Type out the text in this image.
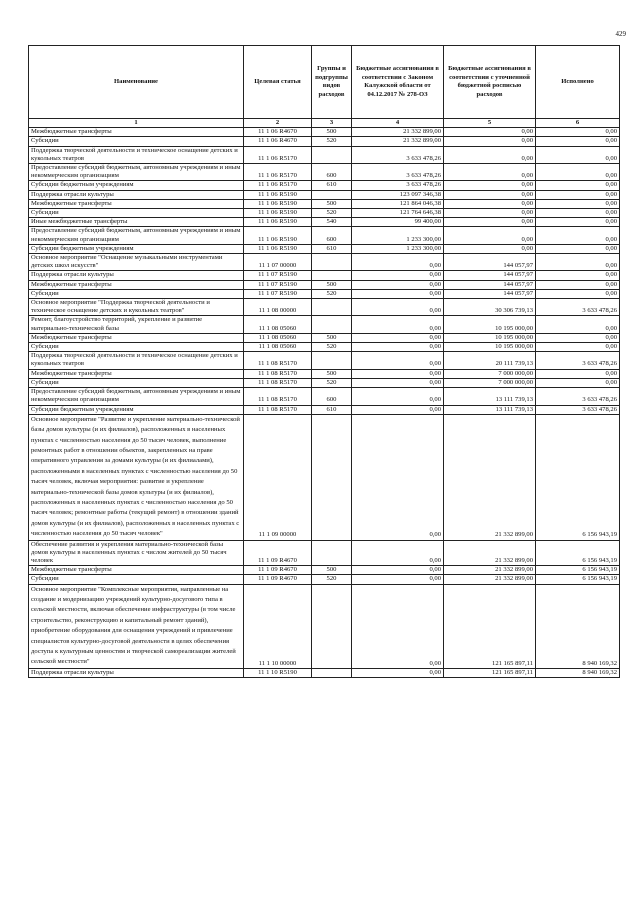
429
Наименование	Целевая статья	Группы и подгруппы видов расходов	Бюджетные ассигнования в соответствии с Законом Калужской области от 04.12.2017 № 278-ОЗ	Бюджетные ассигнования в соответствии с уточненной бюджетной росписью расходов	Исполнено
1	2	3	4	5	6
Межбюджетные трансферты	11 1 06 R4670	500	21 332 899,00	0,00	0,00
Субсидии	11 1 06 R4670	520	21 332 899,00	0,00	0,00
Поддержка творческой деятельности и техническое оснащение детских и кукольных театров	11 1 06 R5170		3 633 478,26	0,00	0,00
Предоставление субсидий бюджетным, автономным учреждениям и иным некоммерческим организациям	11 1 06 R5170	600	3 633 478,26	0,00	0,00
Субсидии бюджетным учреждениям	11 1 06 R5170	610	3 633 478,26	0,00	0,00
Поддержка отрасли культуры	11 1 06 R5190		123 097 346,38	0,00	0,00
Межбюджетные трансферты	11 1 06 R5190	500	121 864 046,38	0,00	0,00
Субсидии	11 1 06 R5190	520	121 764 646,38	0,00	0,00
Иные межбюджетные трансферты	11 1 06 R5190	540	99 400,00	0,00	0,00
Предоставление субсидий бюджетным, автономным учреждениям и иным некоммерческим организациям	11 1 06 R5190	600	1 233 300,00	0,00	0,00
Субсидии бюджетным учреждениям	11 1 06 R5190	610	1 233 300,00	0,00	0,00
Основное мероприятие "Оснащение музыкальными инструментами детских школ искусств"	11 1 07 00000		0,00	144 057,97	0,00
Поддержка отрасли культуры	11 1 07 R5190		0,00	144 057,97	0,00
Межбюджетные трансферты	11 1 07 R5190	500	0,00	144 057,97	0,00
Субсидии	11 1 07 R5190	520	0,00	144 057,97	0,00
Основное мероприятие "Поддержка творческой деятельности и техническое оснащение детских и кукольных театров"	11 1 08 00000		0,00	30 306 739,13	3 633 478,26
Ремонт, благоустройство территорий, укрепление и развитие материально-технической базы	11 1 08 05060		0,00	10 195 000,00	0,00
Межбюджетные трансферты	11 1 08 05060	500	0,00	10 195 000,00	0,00
Субсидии	11 1 08 05060	520	0,00	10 195 000,00	0,00
Поддержка творческой деятельности и техническое оснащение детских и кукольных театров	11 1 08 R5170		0,00	20 111 739,13	3 633 478,26
Межбюджетные трансферты	11 1 08 R5170	500	0,00	7 000 000,00	0,00
Субсидии	11 1 08 R5170	520	0,00	7 000 000,00	0,00
Предоставление субсидий бюджетным, автономным учреждениям и иным некоммерческим организациям	11 1 08 R5170	600	0,00	13 111 739,13	3 633 478,26
Субсидии бюджетным учреждениям	11 1 08 R5170	610	0,00	13 111 739,13	3 633 478,26
Основное мероприятие "Развитие и укрепление материально-технической базы домов культуры (и их филиалов), расположенных в населенных пунктах с численностью населения до 50 тысяч человек, выполнение ремонтных работ в отношении объектов, закрепленных на праве оперативного управления за домами культуры (и их филиалами), расположенными в населенных пунктах с численностью населения до 50 тысяч человек, включая мероприятия: развитие и укрепление материально-технической базы домов культуры (и их филиалов), расположенных в населенных пунктах с численностью населения до 50 тысяч человек; ремонтные работы (текущий ремонт) в отношении зданий домов культуры (и их филиалов), расположенных в населенных пунктах с численностью населения до 50 тысяч человек"	11 1 09 00000		0,00	21 332 899,00	6 156 943,19
Обеспечение развития и укрепления материально-технической базы домов культуры в населенных пунктах с числом жителей до 50 тысяч человек	11 1 09 R4670		0,00	21 332 899,00	6 156 943,19
Межбюджетные трансферты	11 1 09 R4670	500	0,00	21 332 899,00	6 156 943,19
Субсидии	11 1 09 R4670	520	0,00	21 332 899,00	6 156 943,19
Основное мероприятие "Комплексные мероприятия, направленные на создание и модернизацию учреждений культурно-досугового типа в сельской местности, включая обеспечение инфраструктуры (в том числе строительство, реконструкцию и капитальный ремонт зданий), приобретение оборудования для оснащения учреждений и привлечение специалистов культурно-досуговой деятельности в целях обеспечения доступа к культурным ценностям и творческой самореализации жителей сельской местности"	11 1 10 00000		0,00	121 165 897,11	8 940 169,32
Поддержка отрасли культуры	11 1 10 R5190		0,00	121 165 897,11	8 940 169,32
